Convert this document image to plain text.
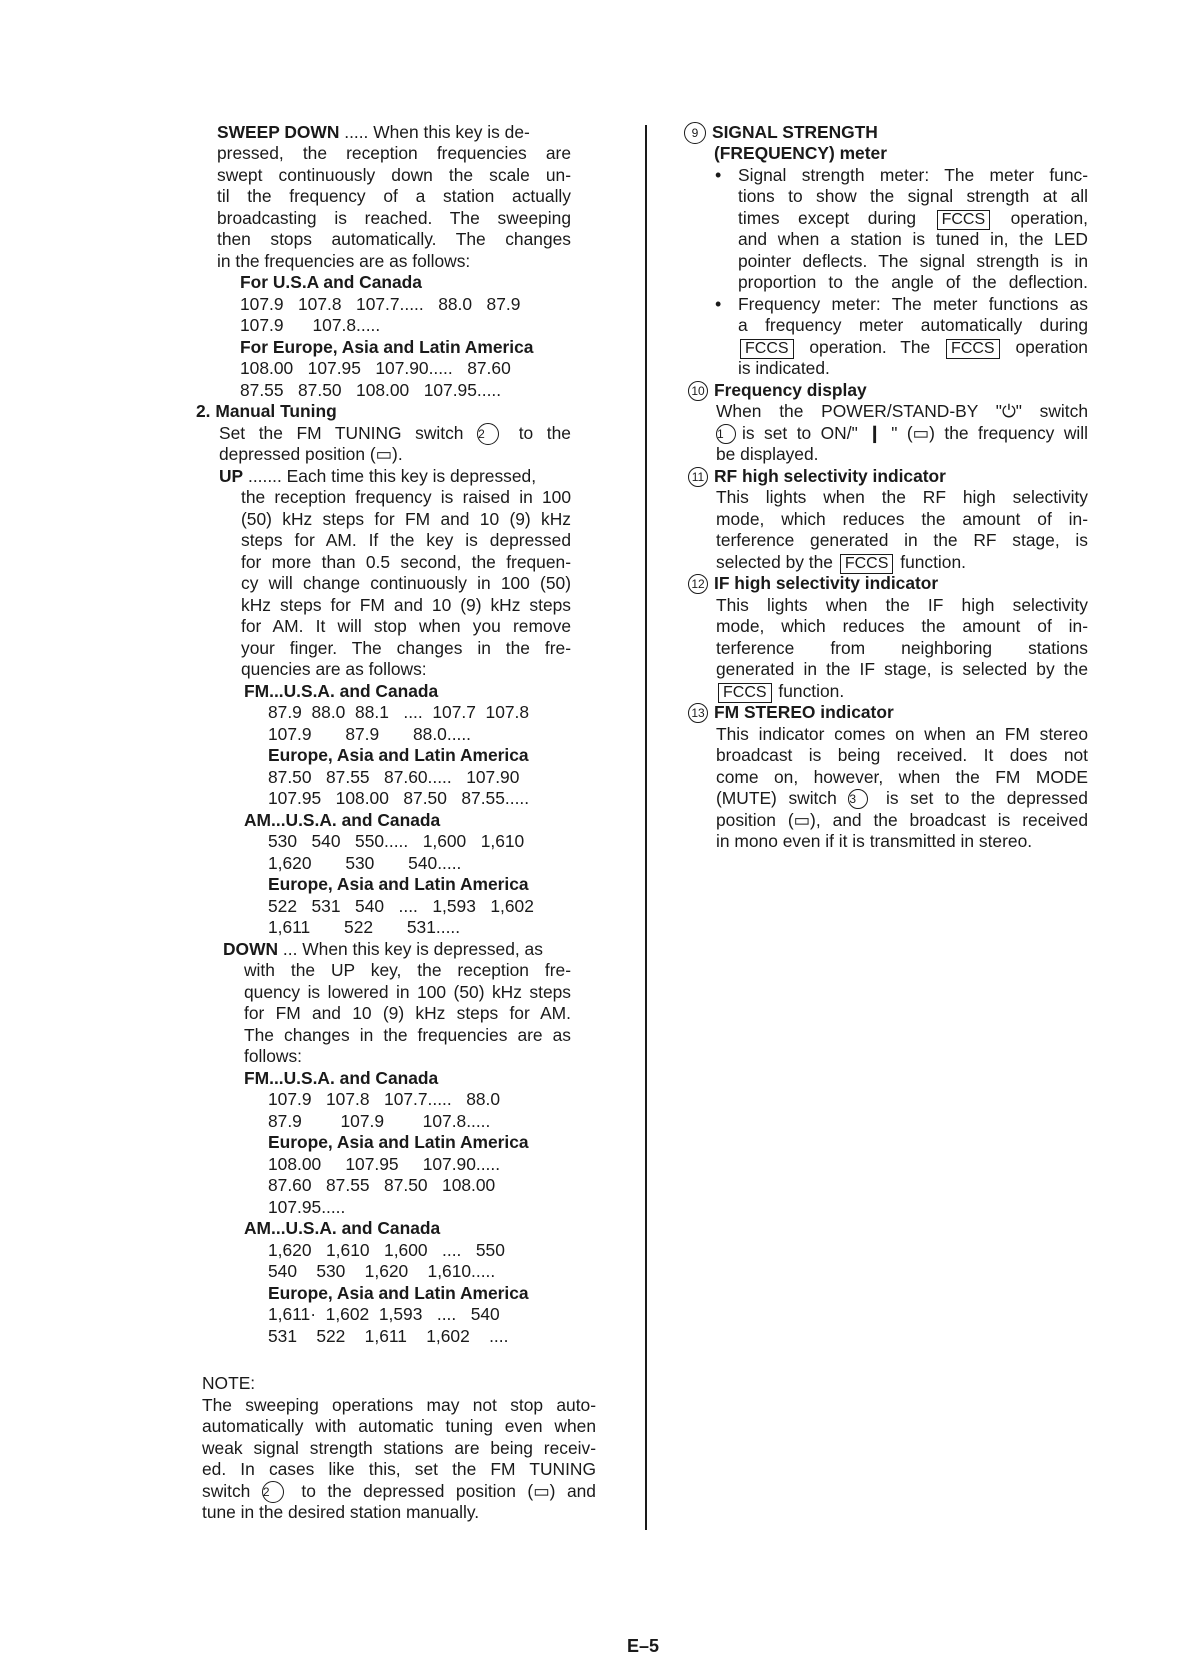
SWEEP DOWN ..... When this key is de-
pressed, the reception frequencies are
swept continuously down the scale un-
til the frequency of a station actually
broadcasting is reached. The sweeping
then stops automatically. The changes
in the frequencies are as follows:
For U.S.A and Canada
107.9   107.8   107.7.....   88.0   87.9
107.9      107.8.....
For Europe, Asia and Latin America
108.00   107.95   107.90.....   87.60
87.55   87.50   108.00   107.95.....
2. Manual Tuning
Set the FM TUNING switch 2 to the
depressed position (▭).
UP ....... Each time this key is depressed,
the reception frequency is raised in 100
(50) kHz steps for FM and 10 (9) kHz
steps for AM. If the key is depressed
for more than 0.5 second, the frequen-
cy will change continuously in 100 (50)
kHz steps for FM and 10 (9) kHz steps
for AM. It will stop when you remove
your finger. The changes in the fre-
quencies are as follows:
FM...U.S.A. and Canada
87.9  88.0  88.1   ....  107.7  107.8
107.9       87.9       88.0.....
Europe, Asia and Latin America
87.50   87.55   87.60.....   107.90
107.95   108.00   87.50   87.55.....
AM...U.S.A. and Canada
530   540   550.....   1,600   1,610
1,620       530       540.....
Europe, Asia and Latin America
522   531   540   ....   1,593   1,602
1,611       522       531.....
DOWN ... When this key is depressed, as
with the UP key, the reception fre-
quency is lowered in 100 (50) kHz steps
for FM and 10 (9) kHz steps for AM.
The changes in the frequencies are as
follows:
FM...U.S.A. and Canada
107.9   107.8   107.7.....   88.0
87.9        107.9        107.8.....
Europe, Asia and Latin America
108.00     107.95     107.90.....
87.60   87.55   87.50   108.00
107.95.....
AM...U.S.A. and Canada
1,620   1,610   1,600   ....   550
540    530    1,620    1,610.....
Europe, Asia and Latin America
1,611·  1,602  1,593   ....   540
531    522    1,611    1,602    ....
NOTE:
The sweeping operations may not stop auto-
automatically with automatic tuning even when
weak signal strength stations are being receiv-
ed. In cases like this, set the FM TUNING
switch 2 to the depressed position (▭) and
tune in the desired station manually.
9 SIGNAL STRENGTH
(FREQUENCY) meter
• Signal strength meter: The meter func-
tions to show the signal strength at all
times except during FCCS operation,
and when a station is tuned in, the LED
pointer deflects. The signal strength is in
proportion to the angle of the deflection.
• Frequency meter: The meter functions as
a frequency meter automatically during
FCCS operation. The FCCS operation
is indicated.
10 Frequency display
When the POWER/STAND-BY "⏻" switch
1 is set to ON/" ❙ " (▭) the frequency will
be displayed.
11 RF high selectivity indicator
This lights when the RF high selectivity
mode, which reduces the amount of in-
terference generated in the RF stage, is
selected by the FCCS function.
12 IF high selectivity indicator
This lights when the IF high selectivity
mode, which reduces the amount of in-
terference from neighboring stations
generated in the IF stage, is selected by the
FCCS function.
13 FM STEREO indicator
This indicator comes on when an FM stereo
broadcast is being received. It does not
come on, however, when the FM MODE
(MUTE) switch 3 is set to the depressed
position (▭), and the broadcast is received
in mono even if it is transmitted in stereo.
E–5
